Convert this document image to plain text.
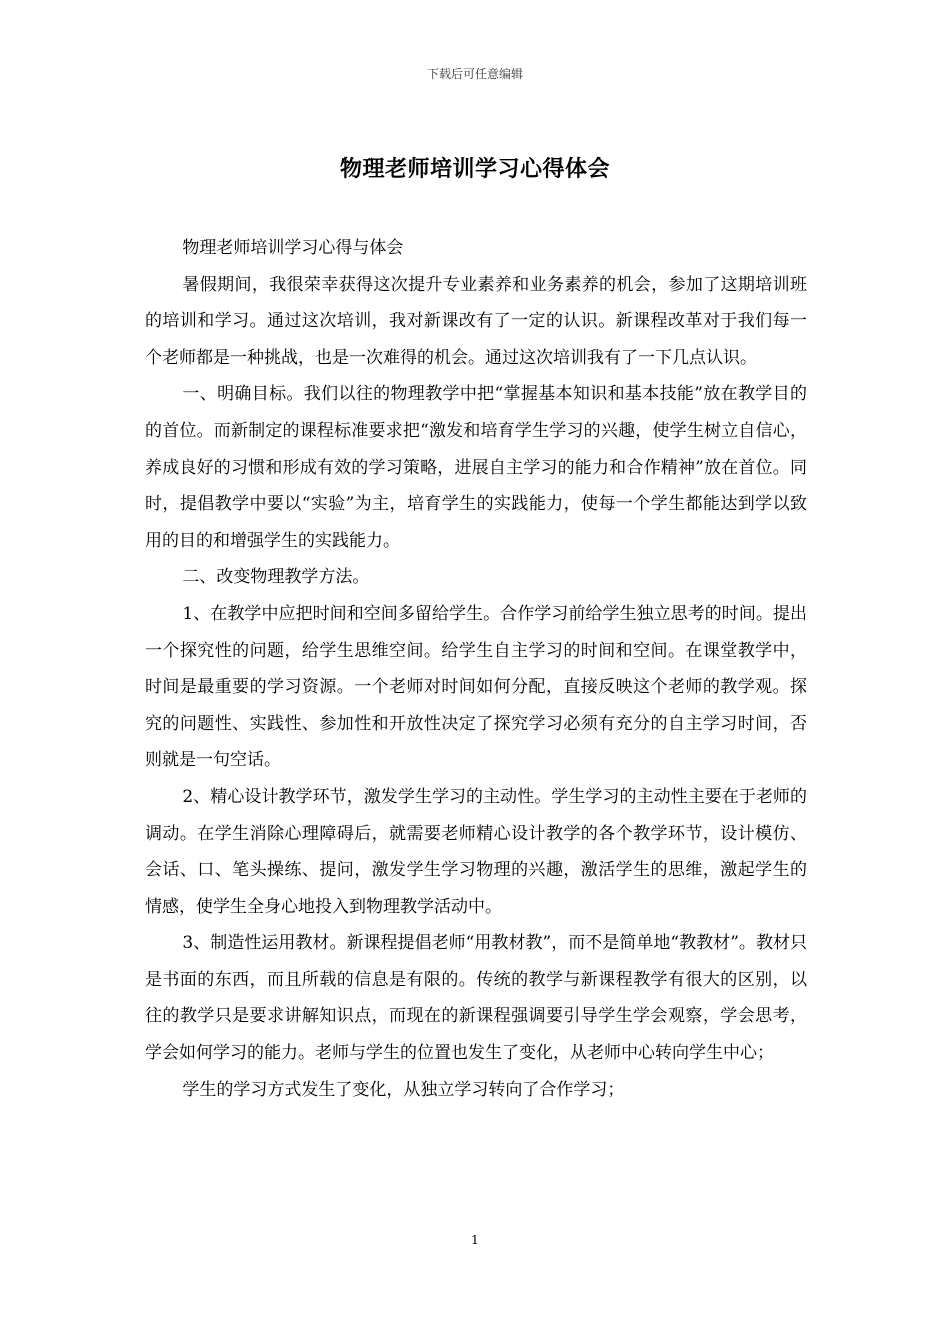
下载后可任意编辑
物理老师培训学习心得体会

物理老师培训学习心得与体会

暑假期间，我很荣幸获得这次提升专业素养和业务素养的机会，参加了这期培训班的培训和学习。通过这次培训，我对新课改有了一定的认识。新课程改革对于我们每一个老师都是一种挑战，也是一次难得的机会。通过这次培训我有了一下几点认识。

一、明确目标。我们以往的物理教学中把“掌握基本知识和基本技能”放在教学目的的首位。而新制定的课程标准要求把“激发和培育学生学习的兴趣，使学生树立自信心，养成良好的习惯和形成有效的学习策略，进展自主学习的能力和合作精神”放在首位。同时，提倡教学中要以“实验”为主，培育学生的实践能力，使每一个学生都能达到学以致用的目的和增强学生的实践能力。

二、改变物理教学方法。

1、在教学中应把时间和空间多留给学生。合作学习前给学生独立思考的时间。提出一个探究性的问题，给学生思维空间。给学生自主学习的时间和空间。在课堂教学中，时间是最重要的学习资源。一个老师对时间如何分配，直接反映这个老师的教学观。探究的问题性、实践性、参加性和开放性决定了探究学习必须有充分的自主学习时间，否则就是一句空话。

2、精心设计教学环节，激发学生学习的主动性。学生学习的主动性主要在于老师的调动。在学生消除心理障碍后，就需要老师精心设计教学的各个教学环节，设计模仿、会话、口、笔头操练、提问，激发学生学习物理的兴趣，激活学生的思维，激起学生的情感，使学生全身心地投入到物理教学活动中。

3、制造性运用教材。新课程提倡老师“用教材教”，而不是简单地“教教材”。教材只是书面的东西，而且所载的信息是有限的。传统的教学与新课程教学有很大的区别，以往的教学只是要求讲解知识点，而现在的新课程强调要引导学生学会观察，学会思考，学会如何学习的能力。老师与学生的位置也发生了变化，从老师中心转向学生中心；

学生的学习方式发生了变化，从独立学习转向了合作学习；

1
